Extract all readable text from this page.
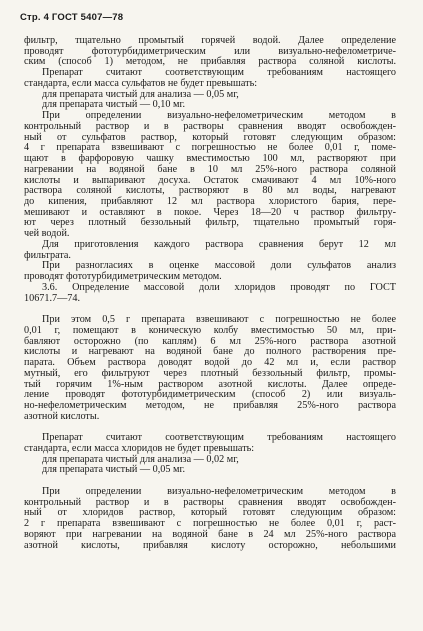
Стр. 4 ГОСТ 5407—78
фильтр, тщательно промытый горячей водой. Далее определение
проводят фототурбидиметрическим или визуально-нефелометриче-
ским (способ 1) методом, не прибавляя раствора соляной кислоты.
Препарат считают соответствующим требованиям настоящего
стандарта, если масса сульфатов не будет превышать:
для препарата чистый для анализа — 0,05 мг,
для препарата чистый — 0,10 мг.
При определении визуально-нефелометрическим методом в
контрольный раствор и в растворы сравнения вводят освобожден-
ный от сульфатов раствор, который готовят следующим образом:
4 г препарата взвешивают с погрешностью не более 0,01 г, поме-
щают в фарфоровую чашку вместимостью 100 мл, растворяют при
нагревании на водяной бане в 10 мл 25%-ного раствора соляной
кислоты и выпаривают досуха. Остаток смачивают 4 мл 10%-ного
раствора соляной кислоты, растворяют в 80 мл воды, нагревают
до кипения, прибавляют 12 мл раствора хлористого бария, пере-
мешивают и оставляют в покое. Через 18—20 ч раствор фильтру-
ют через плотный беззольный фильтр, тщательно промытый горя-
чей водой.
Для приготовления каждого раствора сравнения берут 12 мл
фильтрата.
При разногласиях в оценке массовой доли сульфатов анализ
проводят фототурбидиметрическим методом.
3.6. Определение массовой доли хлоридов проводят по ГОСТ
10671.7—74.
При этом 0,5 г препарата взвешивают с погрешностью не более
0,01 г, помещают в коническую колбу вместимостью 50 мл, при-
бавляют осторожно (по каплям) 6 мл 25%-ного раствора азотной
кислоты и нагревают на водяной бане до полного растворения пре-
парата. Объем раствора доводят водой до 42 мл и, если раствор
мутный, его фильтруют через плотный беззольный фильтр, промы-
тый горячим 1%-ным раствором азотной кислоты. Далее опреде-
ление проводят фототурбидиметрическим (способ 2) или визуаль-
но-нефелометрическим методом, не прибавляя 25%-ного раствора
азотной кислоты.
Препарат считают соответствующим требованиям настоящего
стандарта, если масса хлоридов не будет превышать:
для препарата чистый для анализа — 0,02 мг,
для препарата чистый — 0,05 мг.
При определении визуально-нефелометрическим методом в
контрольный раствор и в растворы сравнения вводят освобожден-
ный от хлоридов раствор, который готовят следующим образом:
2 г препарата взвешивают с погрешностью не более 0,01 г, раст-
воряют при нагревании на водяной бане в 24 мл 25%-ного раствора
азотной кислоты, прибавляя кислоту осторожно, небольшими
